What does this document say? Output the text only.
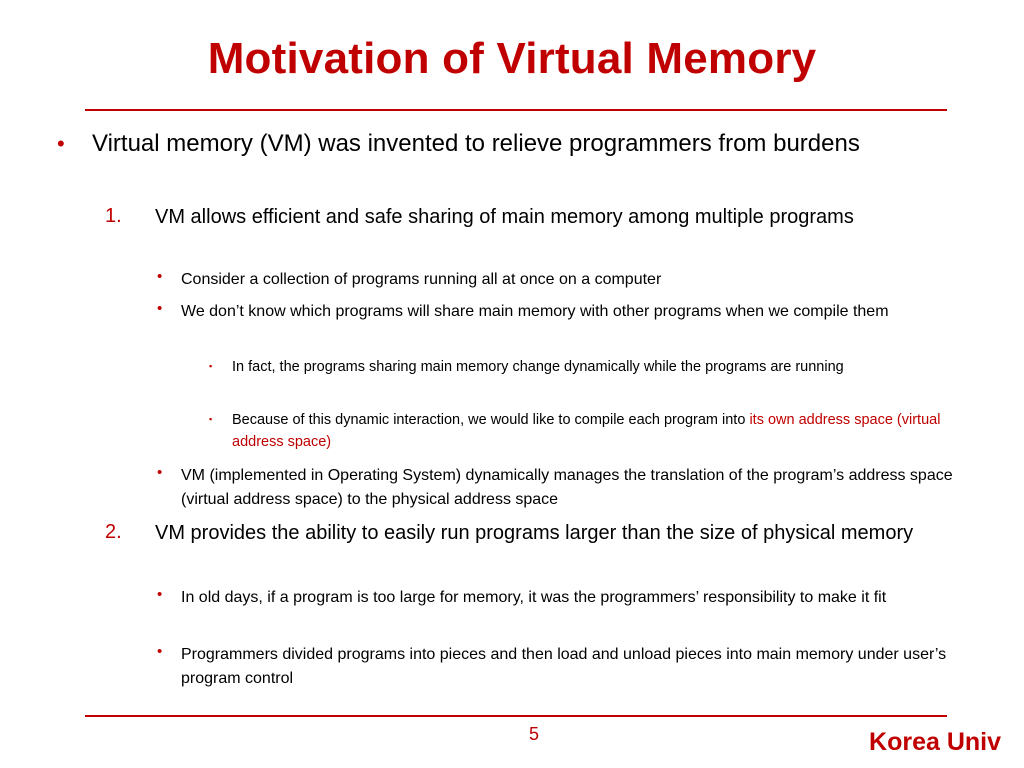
Motivation of Virtual Memory
• Virtual memory (VM) was invented to relieve programmers from burdens
1. VM allows efficient and safe sharing of main memory among multiple programs
• Consider a collection of programs running all at once on a computer
• We don’t know which programs will share main memory with other programs when we compile them
▪ In fact, the programs sharing main memory change dynamically while the programs are running
▪ Because of this dynamic interaction, we would like to compile each program into its own address space (virtual address space)
• VM (implemented in Operating System) dynamically manages the translation of the program’s address space (virtual address space) to the physical address space
2. VM provides the ability to easily run programs larger than the size of physical memory
• In old days, if a program is too large for memory, it was the programmers’ responsibility to make it fit
• Programmers divided programs into pieces and then load and unload pieces into main memory under user’s program control
5	Korea Univ
